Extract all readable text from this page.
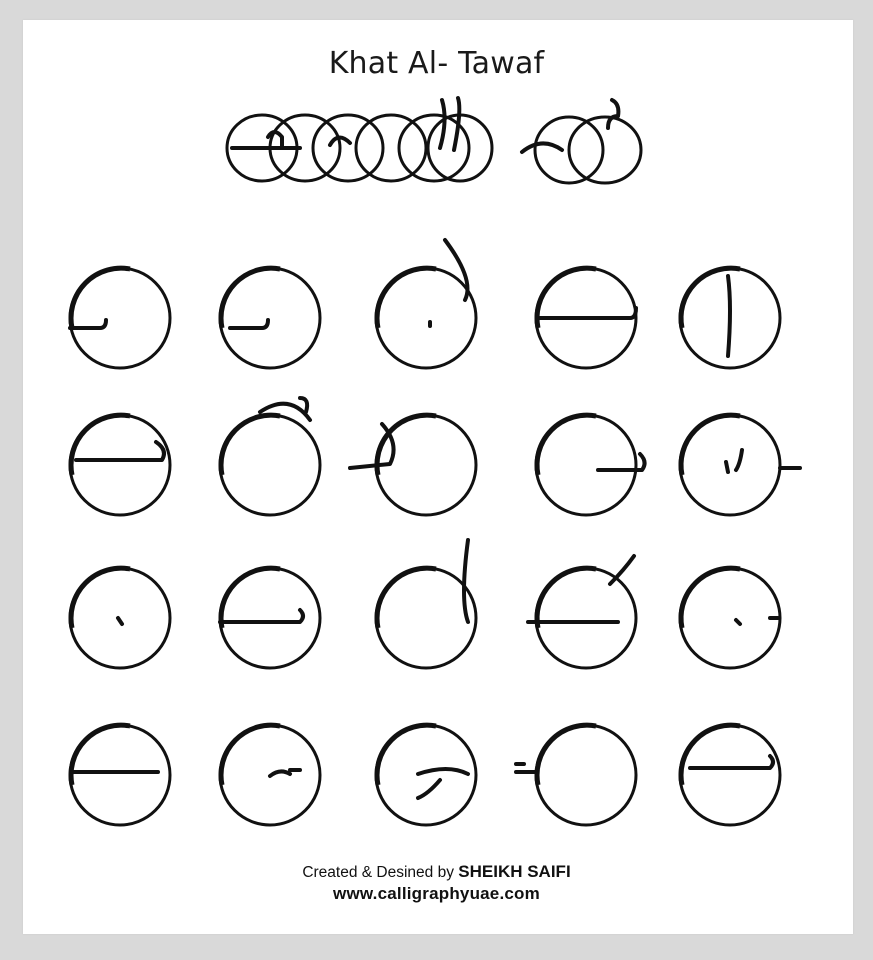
Khat Al- Tawaf
Created & Desined by SHEIKH SAIFI
www.calligraphyuae.com
